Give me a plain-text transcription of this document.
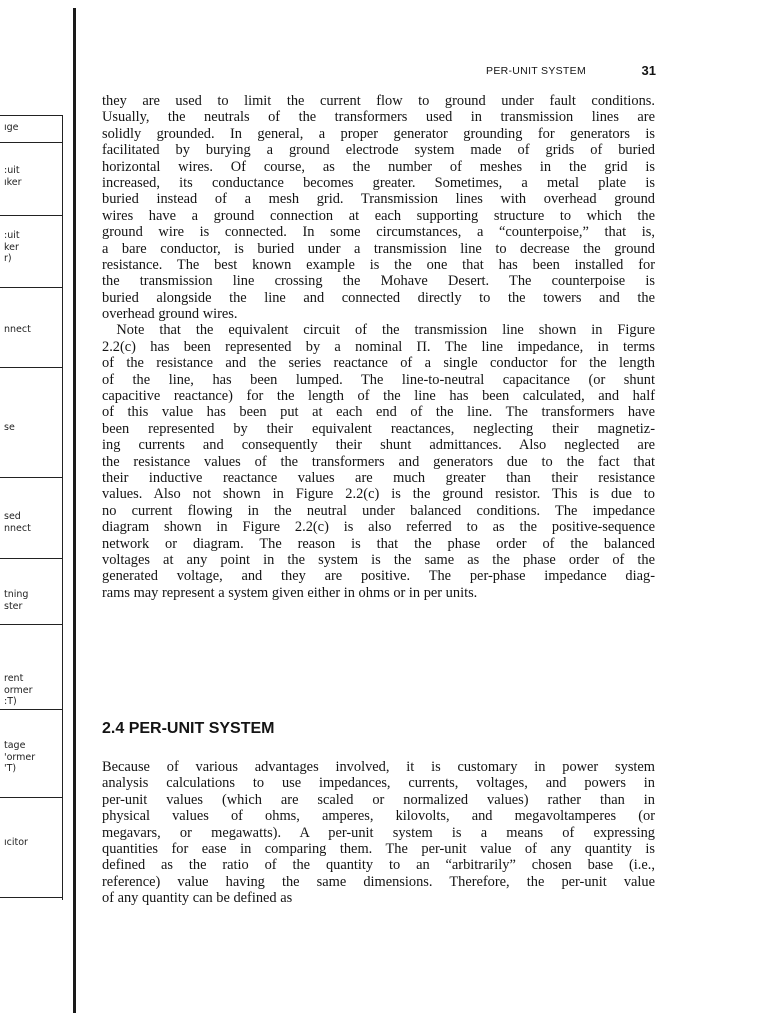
ıge
:uit
ıker
:uit
ker
r)
nnect
se
sed
nnect
tning
ster
rent
ormer
:T)
tage
'ormer
'T)
ıcitor
PER-UNIT SYSTEM	31
they are used to limit the current flow to ground under fault conditions.
Usually, the neutrals of the transformers used in transmission lines are
solidly grounded. In general, a proper generator grounding for generators is
facilitated by burying a ground electrode system made of grids of buried
horizontal wires. Of course, as the number of meshes in the grid is
increased, its conductance becomes greater. Sometimes, a metal plate is
buried instead of a mesh grid. Transmission lines with overhead ground
wires have a ground connection at each supporting structure to which the
ground wire is connected. In some circumstances, a “counterpoise,” that is,
a bare conductor, is buried under a transmission line to decrease the ground
resistance. The best known example is the one that has been installed for
the transmission line crossing the Mohave Desert. The counterpoise is
buried alongside the line and connected directly to the towers and the
overhead ground wires.
 Note that the equivalent circuit of the transmission line shown in Figure
2.2(c) has been represented by a nominal Π. The line impedance, in terms
of the resistance and the series reactance of a single conductor for the length
of the line, has been lumped. The line-to-neutral capacitance (or shunt
capacitive reactance) for the length of the line has been calculated, and half
of this value has been put at each end of the line. The transformers have
been represented by their equivalent reactances, neglecting their magnetiz-
ing currents and consequently their shunt admittances. Also neglected are
the resistance values of the transformers and generators due to the fact that
their inductive reactance values are much greater than their resistance
values. Also not shown in Figure 2.2(c) is the ground resistor. This is due to
no current flowing in the neutral under balanced conditions. The impedance
diagram shown in Figure 2.2(c) is also referred to as the positive-sequence
network or diagram. The reason is that the phase order of the balanced
voltages at any point in the system is the same as the phase order of the
generated voltage, and they are positive. The per-phase impedance diag-
rams may represent a system given either in ohms or in per units.
2.4 PER-UNIT SYSTEM
Because of various advantages involved, it is customary in power system
analysis calculations to use impedances, currents, voltages, and powers in
per-unit values (which are scaled or normalized values) rather than in
physical values of ohms, amperes, kilovolts, and megavoltamperes (or
megavars, or megawatts). A per-unit system is a means of expressing
quantities for ease in comparing them. The per-unit value of any quantity is
defined as the ratio of the quantity to an “arbitrarily” chosen base (i.e.,
reference) value having the same dimensions. Therefore, the per-unit value
of any quantity can be defined as
